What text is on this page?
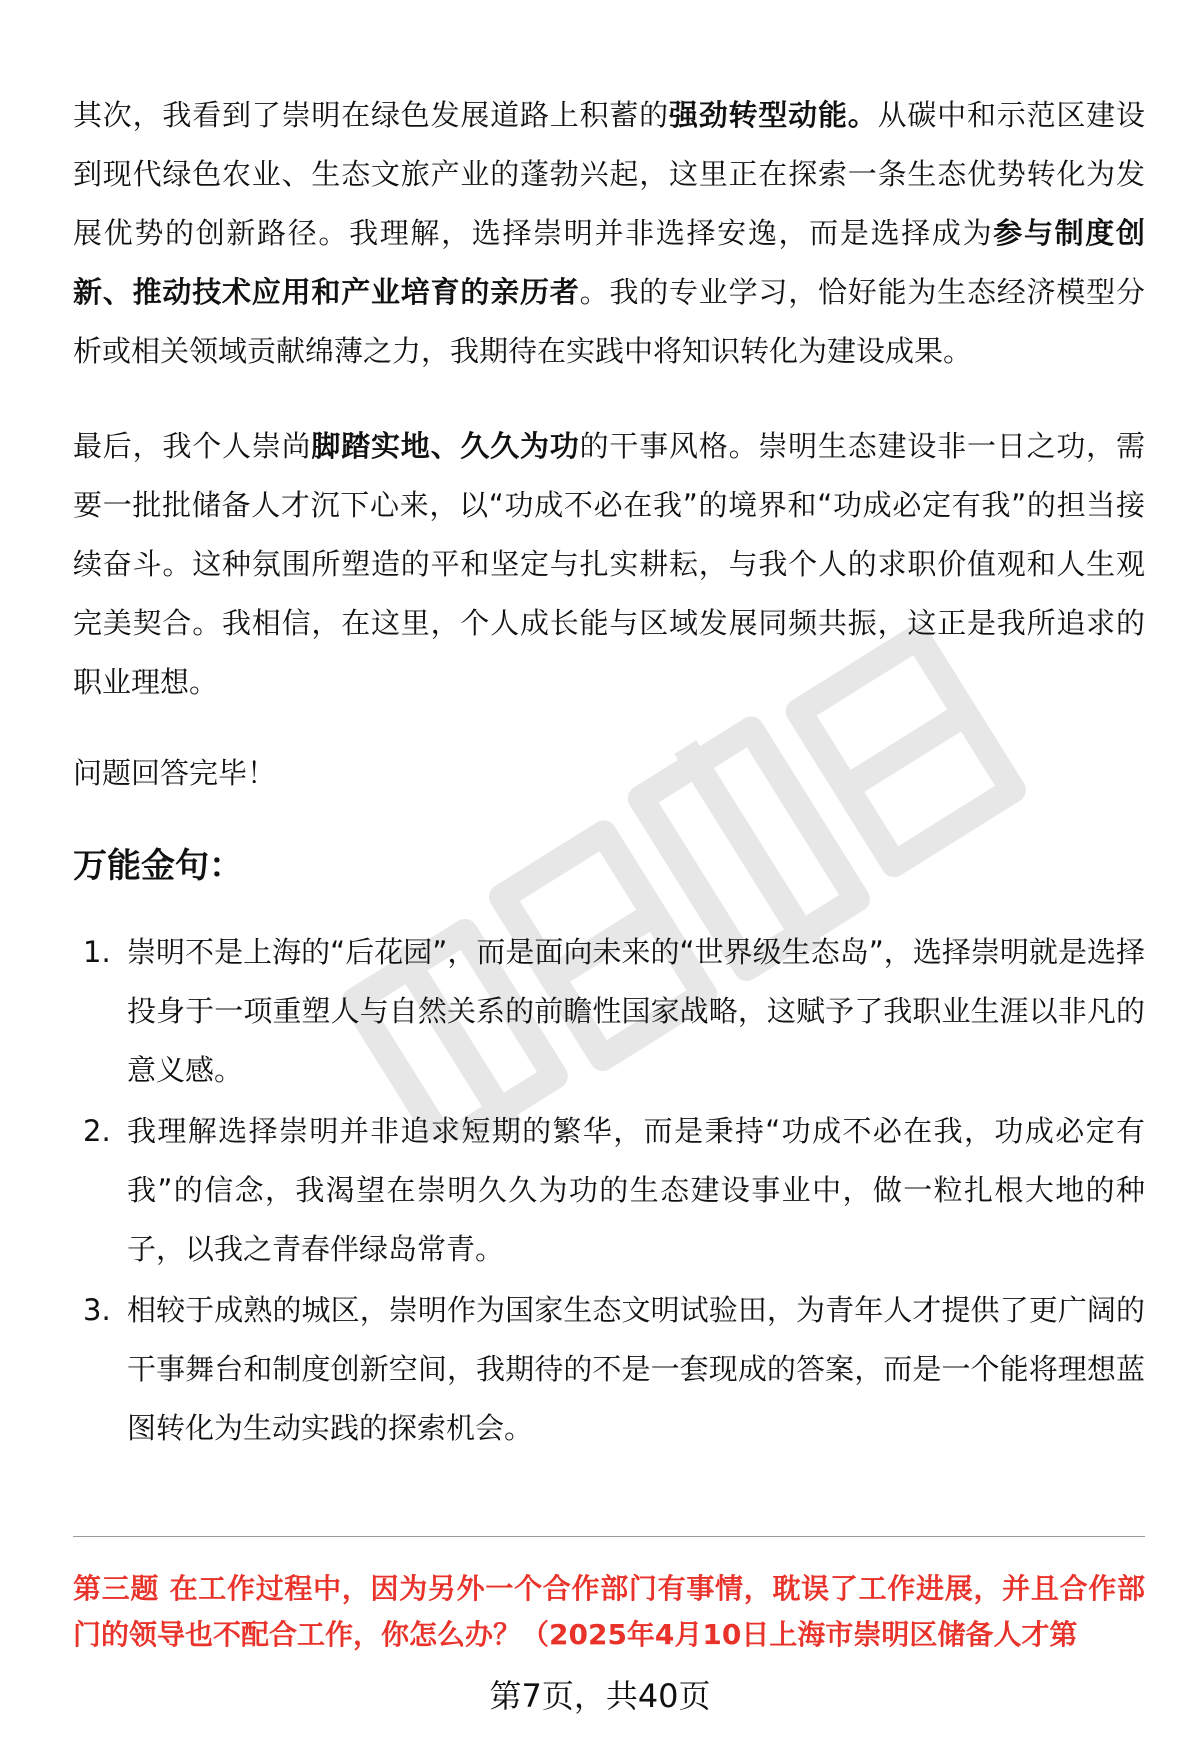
其次，我看到了崇明在绿色发展道路上积蓄的强劲转型动能。从碳中和示范区建设到现代绿色农业、生态文旅产业的蓬勃兴起，这里正在探索一条生态优势转化为发展优势的创新路径。我理解，选择崇明并非选择安逸，而是选择成为参与制度创新、推动技术应用和产业培育的亲历者。我的专业学习，恰好能为生态经济模型分析或相关领域贡献绵薄之力，我期待在实践中将知识转化为建设成果。

最后，我个人崇尚脚踏实地、久久为功的干事风格。崇明生态建设非一日之功，需要一批批储备人才沉下心来，以“功成不必在我”的境界和“功成必定有我”的担当接续奋斗。这种氛围所塑造的平和坚定与扎实耕耘，与我个人的求职价值观和人生观完美契合。我相信，在这里，个人成长能与区域发展同频共振，这正是我所追求的职业理想。

问题回答完毕！

万能金句：
1. 崇明不是上海的“后花园”，而是面向未来的“世界级生态岛”，选择崇明就是选择投身于一项重塑人与自然关系的前瞻性国家战略，这赋予了我职业生涯以非凡的意义感。
2. 我理解选择崇明并非追求短期的繁华，而是秉持“功成不必在我，功成必定有我”的信念，我渴望在崇明久久为功的生态建设事业中，做一粒扎根大地的种子，以我之青春伴绿岛常青。
3. 相较于成熟的城区，崇明作为国家生态文明试验田，为青年人才提供了更广阔的干事舞台和制度创新空间，我期待的不是一套现成的答案，而是一个能将理想蓝图转化为生动实践的探索机会。
第三题 在工作过程中，因为另外一个合作部门有事情，耽误了工作进展，并且合作部门的领导也不配合工作，你怎么办？（2025年4月10日上海市崇明区储备人才第
第7页，共40页
